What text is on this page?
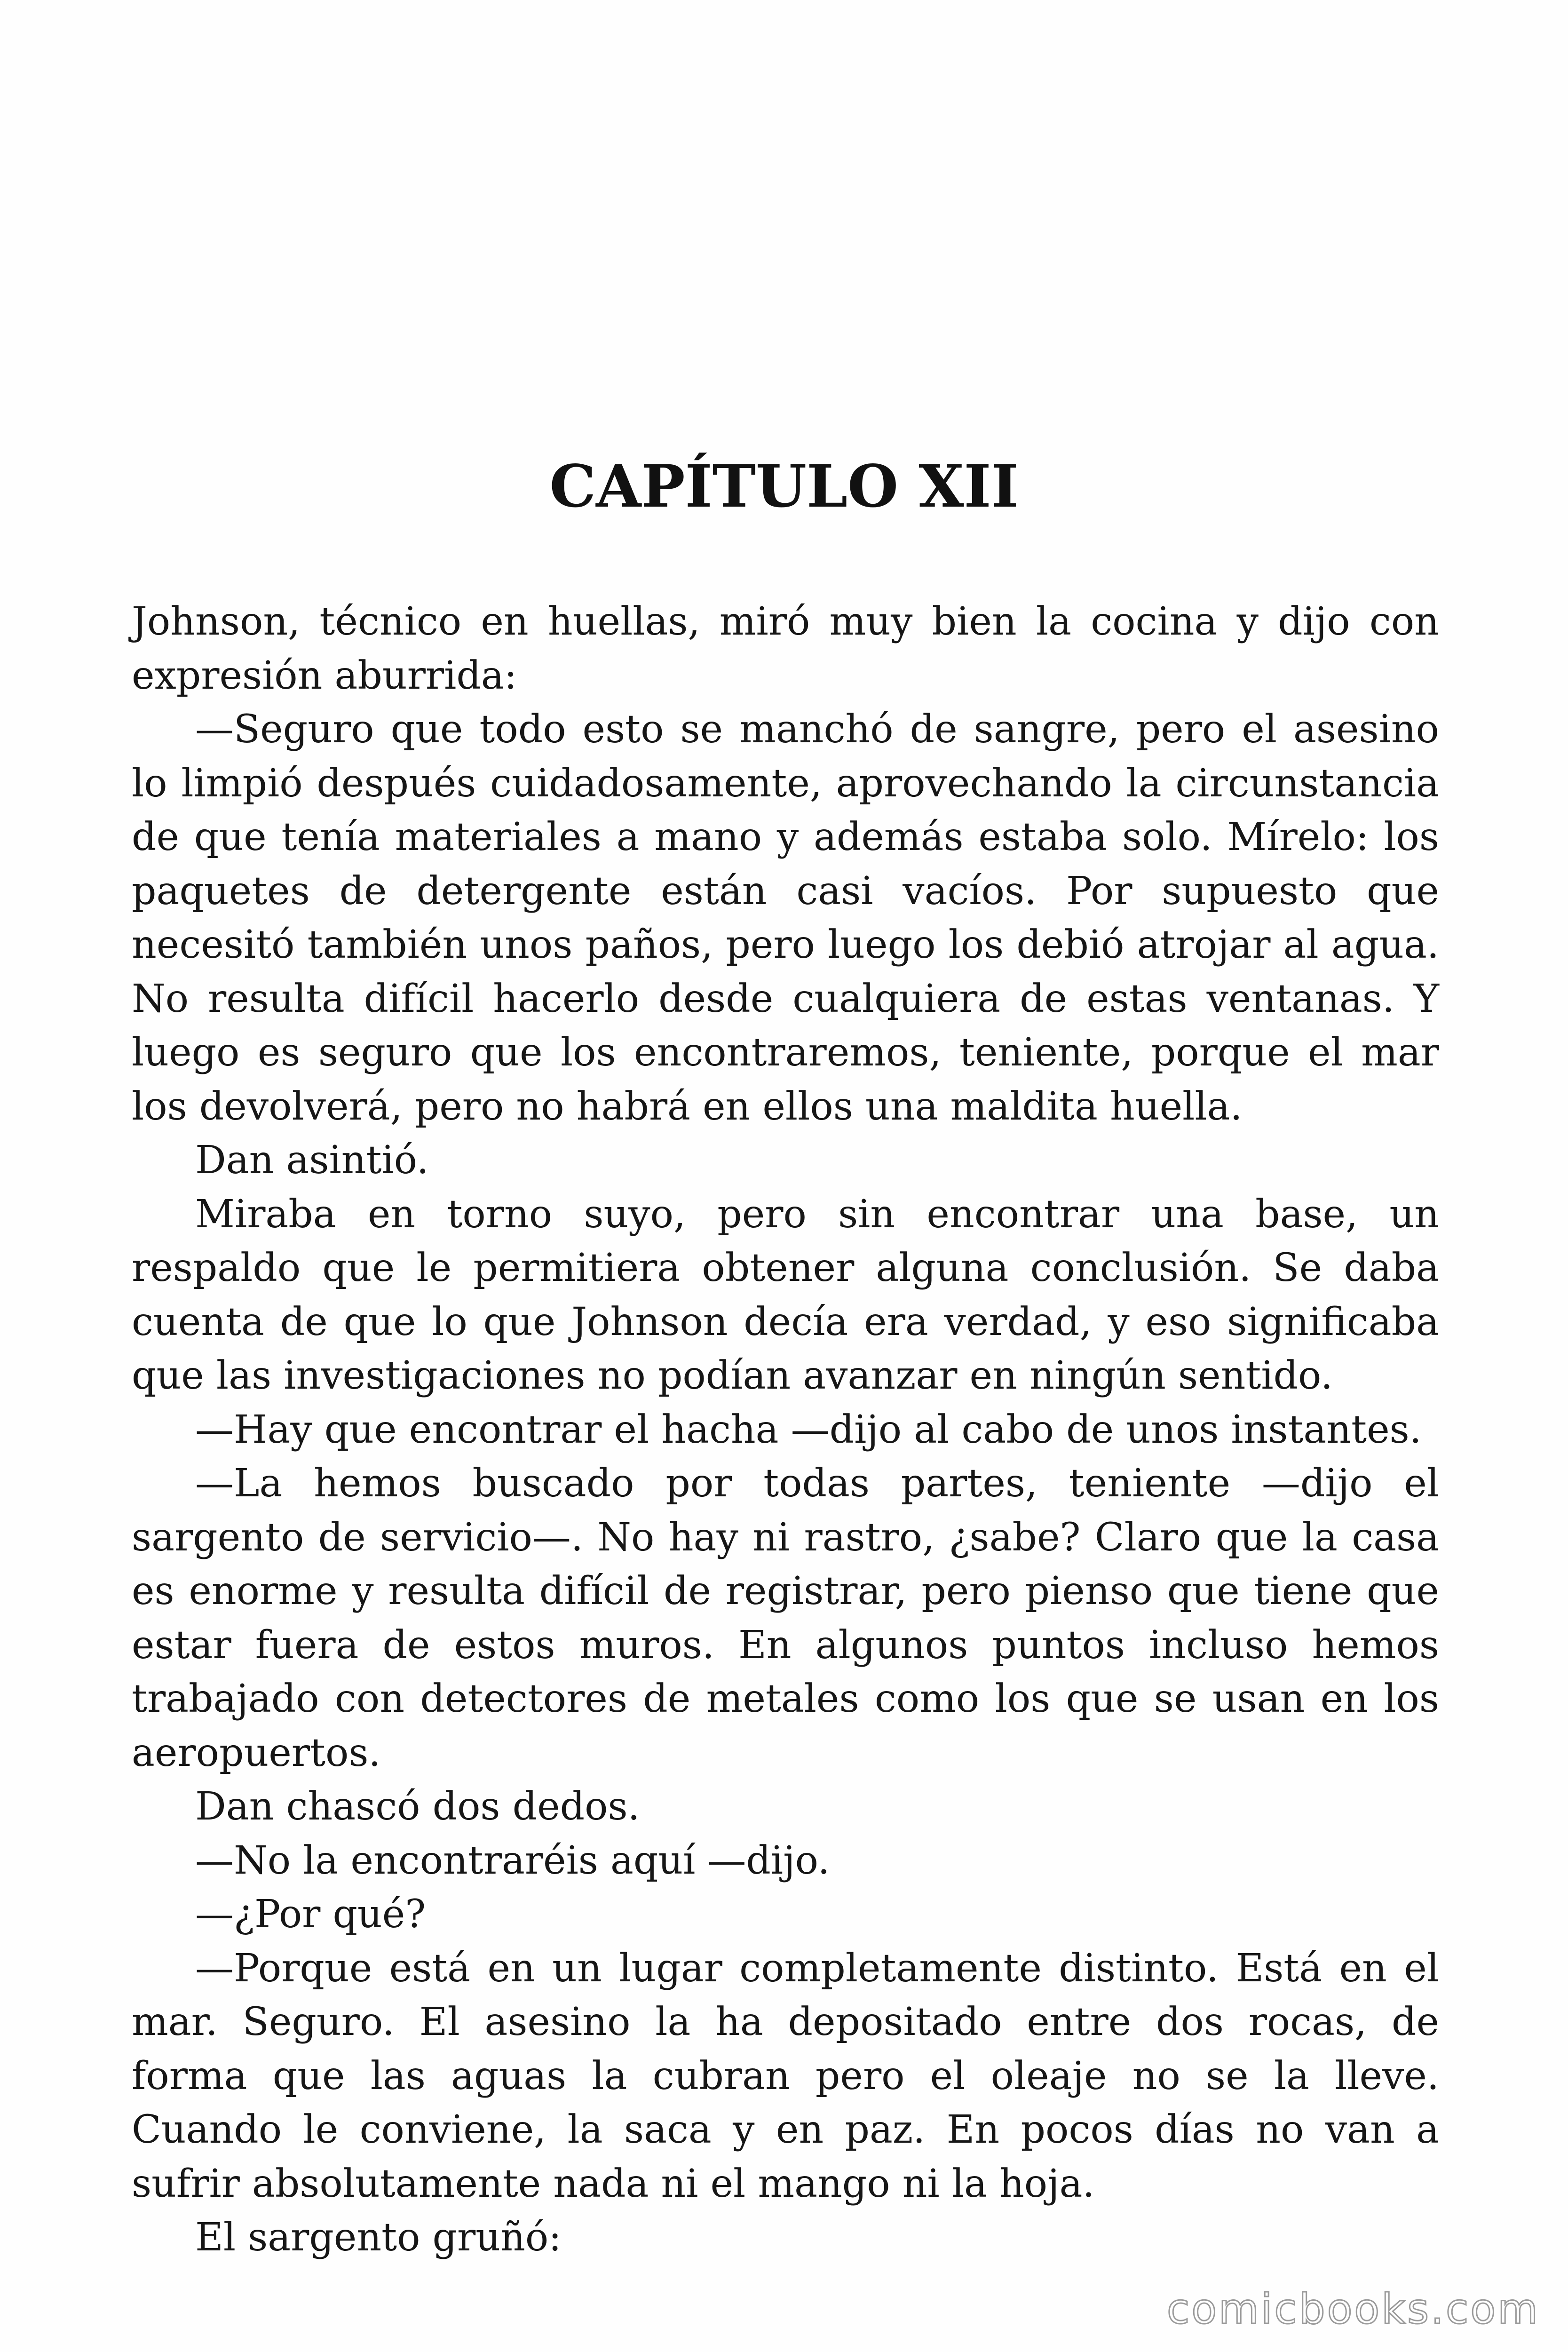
CAPÍTULO XII

Johnson, técnico en huellas, miró muy bien la cocina y dijo con expresión aburrida:

—Seguro que todo esto se manchó de sangre, pero el asesino lo limpió después cuidadosamente, aprovechando la circunstancia de que tenía materiales a mano y además estaba solo. Mírelo: los paquetes de detergente están casi vacíos. Por supuesto que necesitó también unos paños, pero luego los debió atrojar al agua. No resulta difícil hacerlo desde cualquiera de estas ventanas. Y luego es seguro que los encontraremos, teniente, porque el mar los devolverá, pero no habrá en ellos una maldita huella.

Dan asintió.

Miraba en torno suyo, pero sin encontrar una base, un respaldo que le permitiera obtener alguna conclusión. Se daba cuenta de que lo que Johnson decía era verdad, y eso significaba que las investigaciones no podían avanzar en ningún sentido.

—Hay que encontrar el hacha —dijo al cabo de unos instantes.

—La hemos buscado por todas partes, teniente —dijo el sargento de servicio—. No hay ni rastro, ¿sabe? Claro que la casa es enorme y resulta difícil de registrar, pero pienso que tiene que estar fuera de estos muros. En algunos puntos incluso hemos trabajado con detectores de metales como los que se usan en los aeropuertos.

Dan chascó dos dedos.

—No la encontraréis aquí —dijo.

—¿Por qué?

—Porque está en un lugar completamente distinto. Está en el mar. Seguro. El asesino la ha depositado entre dos rocas, de forma que las aguas la cubran pero el oleaje no se la lleve. Cuando le conviene, la saca y en paz. En pocos días no van a sufrir absolutamente nada ni el mango ni la hoja.

El sargento gruñó:

comicbooks.com
